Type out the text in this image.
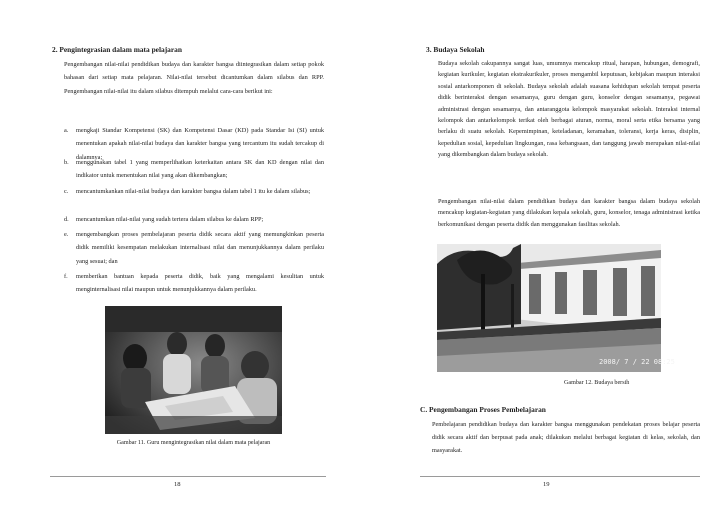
2. Pengintegrasian dalam mata pelajaran
Pengembangan nilai-nilai pendidikan budaya dan karakter bangsa diintegrasikan dalam setiap pokok bahasan dari setiap mata pelajaran. Nilai-nilai tersebut dicantumkan dalam silabus dan RPP. Pengembangan nilai-nilai itu dalam silabus ditempuh melalui cara-cara berikut ini:
a. mengkaji Standar Kompetensi (SK) dan Kompetensi Dasar (KD) pada Standar Isi (SI) untuk menentukan apakah nilai-nilai budaya dan karakter bangsa yang tercantum itu sudah tercakup di dalamnya;
b. menggunakan tabel 1 yang memperlihatkan keterkaitan antara SK dan KD dengan nilai dan indikator untuk menentukan nilai yang akan dikembangkan;
c. mencantumkankan nilai-nilai budaya dan karakter bangsa dalam tabel 1 itu ke dalam silabus;
d. mencantumkan nilai-nilai yang sudah tertera dalam silabus ke dalam RPP;
e. mengembangkan proses pembelajaran peserta didik secara aktif yang memungkinkan peserta didik memiliki kesempatan melakukan internalisasi nilai dan menunjukkannya dalam perilaku yang sesuai; dan
f. memberikan bantuan kepada peserta didik, baik yang mengalami kesulitan untuk menginternalisasi nilai maupun untuk menunjukkannya dalam perilaku.
Gambar 11. Guru mengintegrasikan nilai dalam mata pelajaran
18
3. Budaya Sekolah
Budaya sekolah cakupannya sangat luas, umumnya mencakup ritual, harapan, hubungan, demografi, kegiatan kurikuler, kegiatan ekstrakurikuler, proses mengambil keputusan, kebijakan maupun interaksi sosial antarkomponen di sekolah. Budaya sekolah adalah suasana kehidupan sekolah tempat peserta didik berinteraksi dengan sesamanya, guru dengan guru, konselor dengan sesamanya, pegawai administrasi dengan sesamanya, dan antaranggota kelompok masyarakat sekolah. Interaksi internal kelompok dan antarkelompok terikat oleh berbagai aturan, norma, moral serta etika bersama yang berlaku di suatu sekolah. Kepemimpinan, keteladanan, keramahan, toleransi, kerja keras, disiplin, kepedulian sosial, kepedulian lingkungan, rasa kebangsaan, dan tanggung jawab merupakan nilai-nilai yang dikembangkan dalam budaya sekolah.
Pengembangan nilai-nilai dalam pendidikan budaya dan karakter bangsa dalam budaya sekolah mencakup kegiatan-kegiatan yang dilakukan kepala sekolah, guru, konselor, tenaga administrasi ketika berkomunikasi dengan peserta didik dan menggunakan fasilitas sekolah.
2008/ 7 / 22 08:25
Gambar 12. Budaya bersih
C. Pengembangan Proses Pembelajaran
Pembelajaran pendidikan budaya dan karakter bangsa menggunakan pendekatan proses belajar peserta didik secara aktif dan berpusat pada anak; dilakukan melalui berbagai kegiatan di kelas, sekolah, dan masyarakat.
19
